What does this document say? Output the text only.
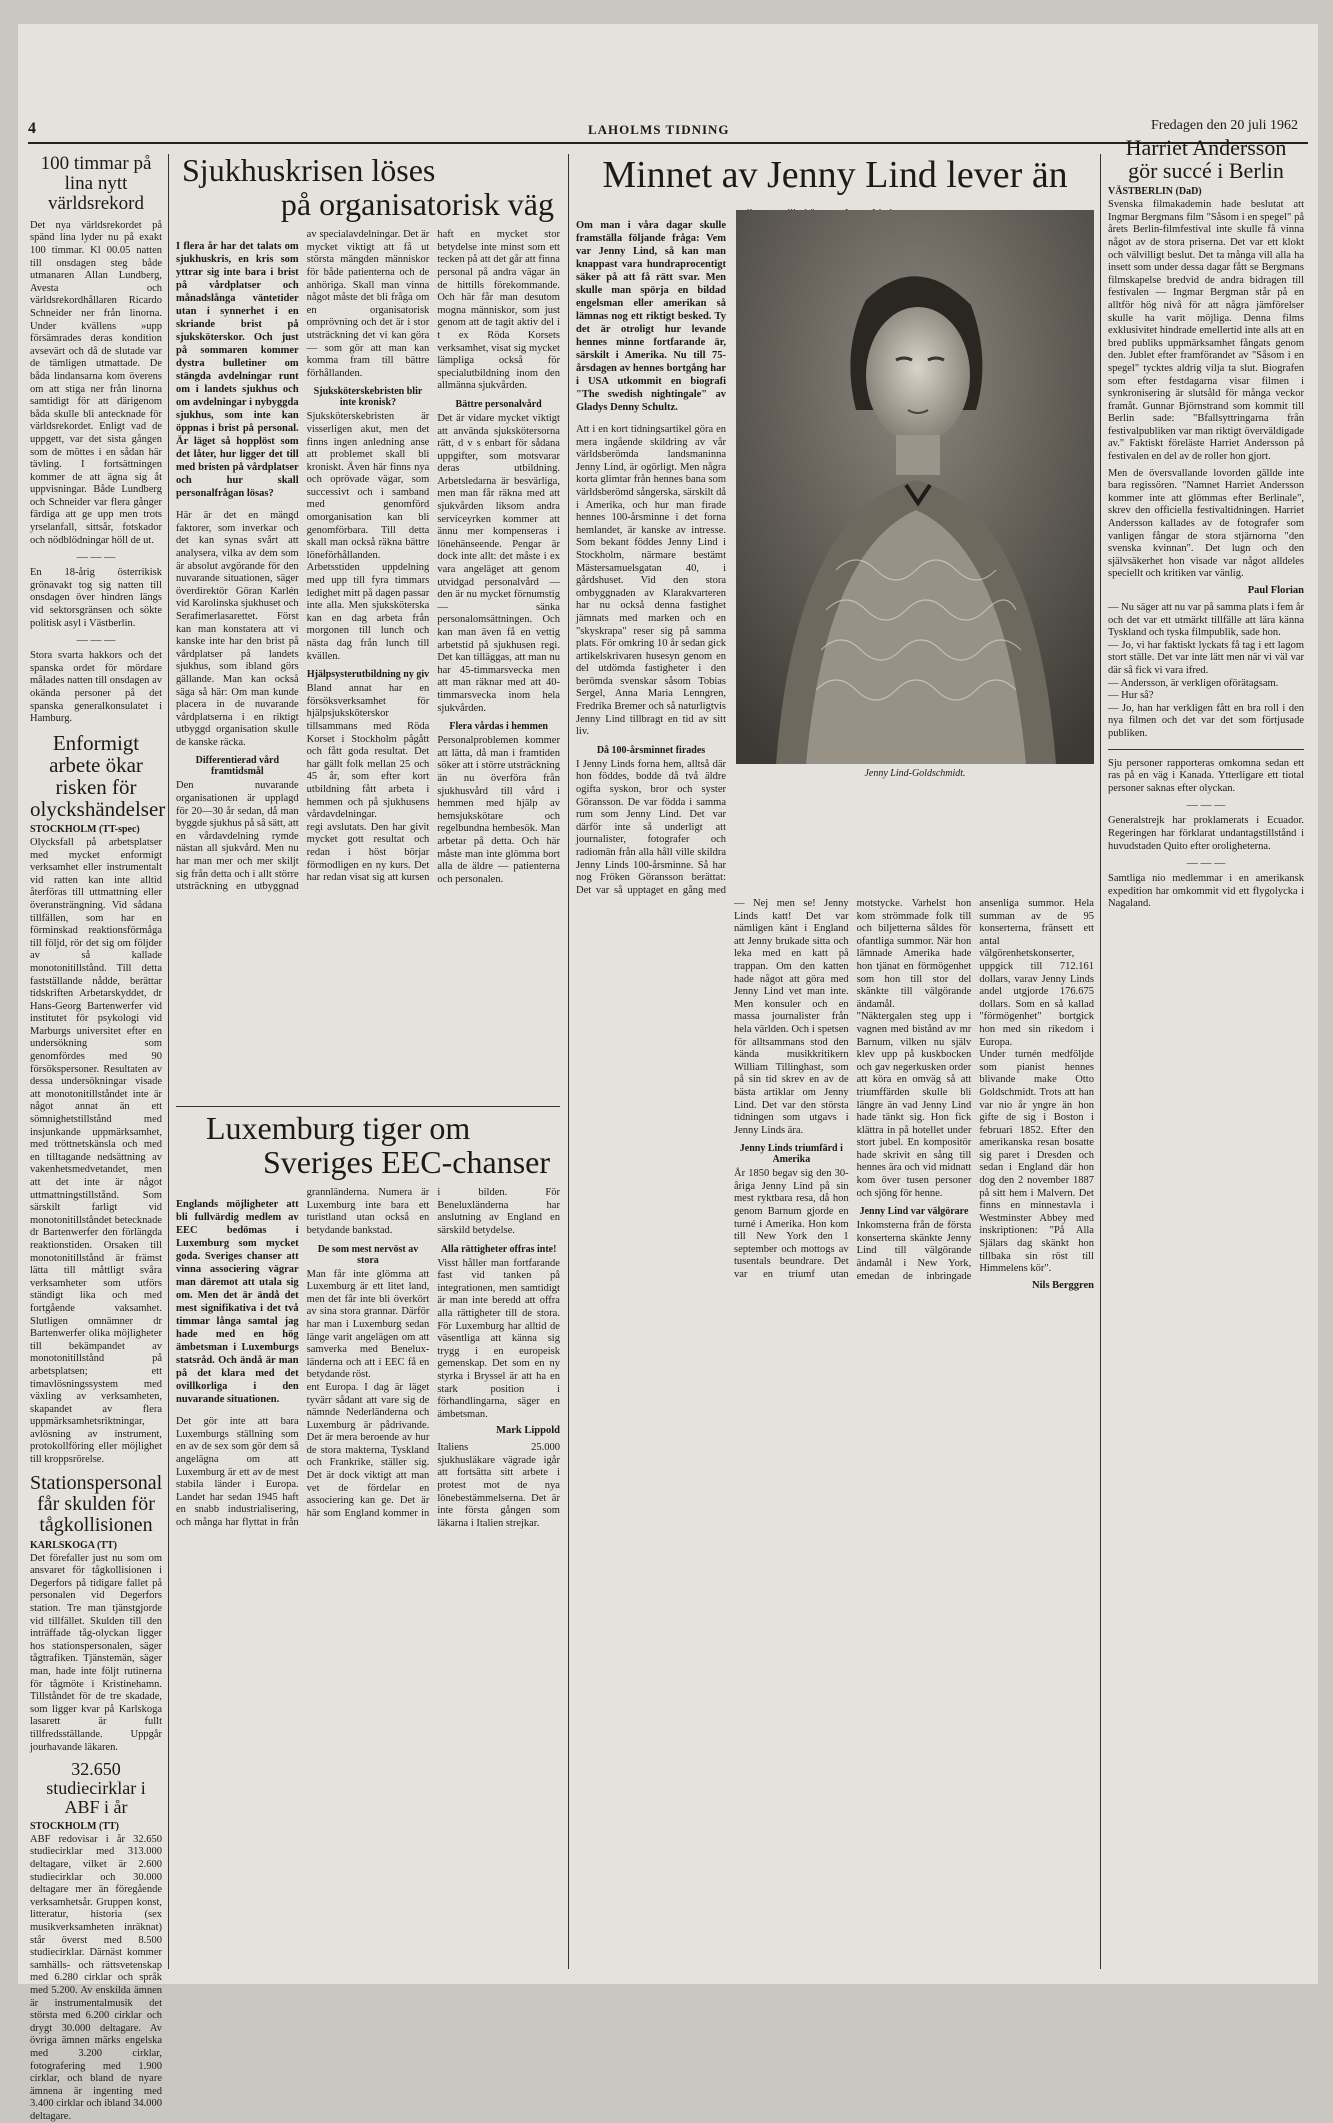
4	LAHOLMS TIDNING	Fredagen den 20 juli 1962
100 timmar på lina nytt världsrekord

Det nya världsrekordet på spänd lina lyder nu på exakt 100 timmar. Kl 00.05 natten till onsdagen steg både utmanaren Allan Lundberg, Avesta och världsrekordhållaren Ricardo Schneider ner från linorna. Under kvällens »upp försämrades deras kondition avsevärt och då de slutade var de tämligen utmattade. De båda lindansarna kom överens om att stiga ner från linorna samtidigt för att därigenom båda skulle bli antecknade för världsrekordet. Enligt vad de uppgett, var det sista gången som de möttes i en sådan här tävling. I fortsättningen kommer de att ägna sig åt uppvisningar. Både Lundberg och Schneider var flera gånger färdiga att ge upp men trots yrselanfall, sittsår, fotskador och nödblödningar höll de ut.

— — —

En 18-årig österrikisk grönavakt tog sig natten till onsdagen över hindren längs vid sektorsgränsen och sökte politisk asyl i Västberlin.

— — —

Stora svarta hakkors och det spanska ordet för mördare målades natten till onsdagen av okända personer på det spanska generalkonsulatet i Hamburg.

Enformigt arbete ökar risken för olyckshändelser
STOCKHOLM (TT-spec)

Olycksfall på arbetsplatser med mycket enformigt verksamhet eller instrumentalt vid ratten kan inte alltid återföras till uttmattning eller överansträngning. Vid sådana tillfällen, som har en förminskad reaktionsförmåga till följd, rör det sig om följder av så kallade monotonitillstånd. Till detta fastställande nådde, berättar tidskriften Arbetarskyddet, dr Hans-Georg Bartenwerfer vid institutet för psykologi vid Marburgs universitet efter en undersökning som genomfördes med 90 försökspersoner. Resultaten av dessa undersökningar visade att monotonitillståndet inte är något annat än ett sömnighetstillstånd med insjunkande uppmärksamhet, med tröttnetskänsla och med en tilltagande nedsättning av vakenhetsmedvetandet, men att det inte är något uttmattningstillstånd. Som särskilt farligt vid monotonitillståndet betecknade dr Bartenwerfer den förlängda reaktionstiden. Orsaken till monotonitillstånd är främst lätta till måttligt svåra verksamheter som utförs ständigt lika och med fortgående vaksamhet. Slutligen omnämner dr Bartenwerfer olika möjligheter till bekämpandet av monotonitillstånd på arbetsplatsen; ett timavlösningssystem med växling av verksamheten, skapandet av flera uppmärksamhetsriktningar, avlösning av instrument, protokollföring eller möjlighet till kroppsrörelse.

Stationspersonal får skulden för tågkollisionen
KARLSKOGA (TT)

Det förefaller just nu som om ansvaret för tågkollisionen i Degerfors på tidigare fallet på personalen vid Degerfors station. Tre man tjänstgjorde vid tillfället. Skulden till den inträffade tåg-olyckan ligger hos stationspersonalen, säger tågtrafiken. Tjänstemän, säger man, hade inte följt rutinerna för tågmöte i Kristinehamn. Tillståndet för de tre skadade, som ligger kvar på Karlskoga lasarett är fullt tillfredsställande. Uppgår jourhavande läkaren.

32.650 studiecirklar i ABF i år
STOCKHOLM (TT)

ABF redovisar i år 32.650 studiecirklar med 313.000 deltagare, vilket är 2.600 studiecirklar och 30.000 deltagare mer än föregående verksamhetsår. Gruppen konst, litteratur, historia (sex musikverksamheten inräknat) står överst med 8.500 studiecirklar. Därnäst kommer samhälls- och rättsvetenskap med 6.280 cirklar och språk med 5.200. Av enskilda ämnen är instrumentalmusik det största med 6.200 cirklar och drygt 30.000 deltagare. Av övriga ämnen märks engelska med 3.200 cirklar, fotografering med 1.900 cirklar, och bland de nyare ämnena är ingenting med 3.400 cirklar och ibland 34.000 deltagare.

Sjukhuskrisen löses
på organisatorisk väg

I flera år har det talats om sjukhuskris, en kris som yttrar sig inte bara i brist på vårdplatser och månadslånga väntetider utan i synnerhet i en skriande brist på sjuksköterskor. Och just på sommaren kommer dystra bulletiner om stängda avdelningar runt om i landets sjukhus och om avdelningar i nybyggda sjukhus, som inte kan öppnas i brist på personal. Är läget så hopplöst som det låter, hur ligger det till med bristen på vårdplatser och hur skall personalfrågan lösas?

Här är det en mängd faktorer, som inverkar och det kan synas svårt att analysera, vilka av dem som är absolut avgörande för den nuvarande situationen, säger överdirektör Göran Karlén vid Karolinska sjukhuset och Serafimerlasarettet. Först kan man konstatera att vi kanske inte har den brist på vårdplatser på landets sjukhus, som ibland görs gällande. Man kan också säga så här: Om man kunde placera in de nuvarande vårdplatserna i en riktigt utbyggd organisation skulle de kanske räcka.

Differentierad vård framtidsmål

Den nuvarande organisationen är upplagd för 20—30 år sedan, då man byggde sjukhus på så sätt, att en vårdavdelning rymde nästan all sjukvård. Men nu har man mer och mer skiljt sig från detta och i allt större utsträckning en utbyggnad av specialavdelningar. Det är mycket viktigt att få ut största mängden människor för både patienterna och de anhöriga. Skall man vinna något måste det bli fråga om en organisatorisk omprövning och det är i stor utsträckning det vi kan göra — som gör att man kan komma fram till bättre förhållanden.

Sjuksköterskebristen blir inte kronisk?

Sjuksköterskebristen är visserligen akut, men det finns ingen anledning anse att problemet skall bli kroniskt. Även här finns nya och oprövade vägar, som successivt och i samband med genomförd omorganisation kan bli genomförbara. Till detta skall man också räkna bättre löneförhållanden. Arbetsstiden uppdelning med upp till fyra timmars ledighet mitt på dagen passar inte alla. Men sjuksköterska kan en dag arbeta från morgonen till lunch och nästa dag från lunch till kvällen.

Hjälpsysterutbildning ny giv

Bland annat har en försöksverksamhet för hjälpsjuksköterskor tillsammans med Röda Korset i Stockholm pågått och fått goda resultat. Det har gällt folk mellan 25 och 45 år, som efter kort utbildning fått arbeta i hemmen och på sjukhusens vårdavdelningar.

regi avslutats. Den har givit mycket gott resultat och redan i höst börjar förmodligen en ny kurs. Det har redan visat sig att kursen haft en mycket stor betydelse inte minst som ett tecken på att det går att finna personal på andra vägar än de hittills förekommande. Och här får man desutom mogna människor, som just genom att de tagit aktiv del i t ex Röda Korsets verksamhet, visat sig mycket lämpliga också för specialutbildning inom den allmänna sjukvården.

Bättre personalvård

Det är vidare mycket viktigt att använda sjukskötersorna rätt, d v s enbart för sådana uppgifter, som motsvarar deras utbildning. Arbetsledarna är besvärliga, men man får räkna med att sjukvården liksom andra serviceyrken kommer att ännu mer kompenseras i lönehänseende. Pengar är dock inte allt: det måste i ex vara angeläget att genom utvidgad personalvård — den är nu mycket förnumstig — sänka personalomsättningen. Och kan man även få en vettig arbetstid på sjukhusen regi. Det kan tilläggas, att man nu har 45-timmarsvecka men att man räknar med att 40-timmarsvecka inom hela sjukvården.

Flera vårdas i hemmen

Personalproblemen kommer att lätta, då man i framtiden söker att i större utsträckning än nu överföra från sjukhusvård till vård i hemmen med hjälp av hemsjukskötare och regelbundna hembesök. Man arbetar på detta. Och här måste man inte glömma bort alla de äldre — patienterna och personalen.

Luxemburg tiger om
Sveriges EEC-chanser

Englands möjligheter att bli fullvärdig medlem av EEC bedömas i Luxemburg som mycket goda. Sveriges chanser att vinna associering vägrar man däremot att utala sig om. Men det är ändå det mest signifikativa i det två timmar långa samtal jag hade med en hög ämbetsman i Luxemburgs statsråd. Och ändå är man på det klara med det ovillkorliga i den nuvarande situationen.

Det gör inte att bara Luxemburgs ställning som en av de sex som gör dem så angelägna om att Luxemburg är ett av de mest stabila länder i Europa. Landet har sedan 1945 haft en snabb industrialisering, och många har flyttat in från grannländerna. Numera är Luxemburg inte bara ett turistland utan också en betydande bankstad.

De som mest nervöst av stora

Man får inte glömma att Luxemburg är ett litet land, men det får inte bli överkört av sina stora grannar. Därför har man i Luxemburg sedan länge varit angelägen om att samverka med Benelux-länderna och att i EEC få en betydande röst.

ent Europa. I dag är läget tyvärr sådant att vare sig de nämnde Nederländerna och Luxemburg är pådrivande. Det är mera beroende av hur de stora makterna, Tyskland och Frankrike, ställer sig. Det är dock viktigt att man vet de fördelar en associering kan ge. Det är här som England kommer in i bilden. För Beneluxländerna har anslutning av England en särskild betydelse.

Alla rättigheter offras inte!

Visst håller man fortfarande fast vid tanken på integrationen, men samtidigt är man inte beredd att offra alla rättigheter till de stora. För Luxemburg har alltid de väsentliga att känna sig trygg i en europeisk gemenskap. Det som en ny styrka i Bryssel är att ha en stark position i förhandlingarna, säger en ämbetsman.

Mark Lippold

Italiens 25.000 sjukhusläkare vägrade igår att fortsätta sitt arbete i protest mot de nya lönebestämmelserna. Det är inte första gången som läkarna i Italien strejkar.

Minnet av Jenny Lind lever än

Om man i våra dagar skulle framställa följande fråga: Vem var Jenny Lind, så kan man knappast vara hundraprocentigt säker på att få rätt svar. Men skulle man spörja en bildad engelsman eller amerikan så lämnas nog ett riktigt besked. Ty det är otroligt hur levande hennes minne fortfarande är, särskilt i Amerika. Nu till 75-årsdagen av hennes bortgång har i USA utkommit en biografi "The swedish nightingale" av Gladys Denny Schultz.

Att i en kort tidningsartikel göra en mera ingående skildring av vår världsberömda landsmaninna Jenny Lind, är ogörligt. Men några korta glimtar från hennes bana som världsberömd sångerska, särskilt då i Amerika, och hur man firade hennes 100-årsminne i det forna hemlandet, är kanske av intresse. Som bekant föddes Jenny Lind i Stockholm, närmare bestämt Mästersamuelsgatan 40, i gårdshuset. Vid den stora ombyggnaden av Klarakvarteren har nu också denna fastighet jämnats med marken och en "skyskrapa" reser sig på samma plats. För omkring 10 år sedan gick artikelskrivaren husesyn genom en del utdömda fastigheter i den berömda svenskar såsom Tobias Sergel, Anna Maria Lenngren, Fredrika Bremer och så naturligtvis Jenny Lind tillbragt en tid av sitt liv.

Då 100-årsminnet firades

I Jenny Linds forna hem, alltså där hon föddes, bodde då två äldre ogifta syskon, bror och syster Göransson. De var födda i samma rum som Jenny Lind. Det var därför inte så underligt att journalister, fotografer och radiomän från alla håll ville skildra Jenny Linds 100-årsminne. Så har nog Fröken Göransson berättat: Det var så upptaget en gång med

— Nej men se! Jenny Linds katt! Det var nämligen känt i England att Jenny brukade sitta och leka med en katt på trappan. Om den katten hade något att göra med Jenny Lind vet man inte. Men konsuler och en massa journalister från hela världen. Och i spetsen för alltsammans stod den kända musikkritikern William Tillinghast, som på sin tid skrev en av de bästa artiklar om Jenny Lind. Det var den största tidningen som utgavs i Jenny Linds ära.

Jenny Linds triumfärd i Amerika

År 1850 begav sig den 30-åriga Jenny Lind på sin mest ryktbara resa, då hon genom Barnum gjorde en turné i Amerika. Hon kom till New York den 1 september och mottogs av tusentals beundrare. Det var en triumf utan motstycke. Varhelst hon kom strömmade folk till och biljetterna såldes för ofantliga summor. När hon lämnade Amerika hade hon tjänat en förmögenhet som hon till stor del skänkte till välgörande ändamål.

"Näktergalen steg upp i vagnen med bistånd av mr Barnum, vilken nu själv klev upp på kuskbocken och gav negerkusken order att köra en omväg så att triumffärden skulle bli längre än vad Jenny Lind hade tänkt sig. Hon fick klättra in på hotellet under stort jubel. En kompositör hade skrivit en sång till hennes ära och vid midnatt kom över tusen personer och sjöng för henne.

Jenny Lind var välgörare

Inkomsterna från de första konserterna skänkte Jenny Lind till välgörande ändamål i New York, emedan de inbringade ansenliga summor. Hela summan av de 95 konserterna, fränsett ett antal välgörenhetskonserter, uppgick till 712.161 dollars, varav Jenny Linds andel utgjorde 176.675 dollars. Som en så kallad "förmögenhet" bortgick hon med sin rikedom i Europa.

Under turnén medföljde som pianist hennes blivande make Otto Goldschmidt. Trots att han var nio år yngre än hon gifte de sig i Boston i februari 1852. Efter den amerikanska resan bosatte sig paret i Dresden och sedan i England där hon dog den 2 november 1887 på sitt hem i Malvern. Det finns en minnestavla i Westminster Abbey med inskriptionen: "På Alla Själars dag skänkt hon tillbaka sin röst till Himmelens kör".

Nils Berggren

Jenny Lind-Goldschmidt.
Harriet Andersson
gör succé i Berlin
VÄSTBERLIN (DaD)

Svenska filmakademin hade beslutat att Ingmar Bergmans film "Såsom i en spegel" på årets Berlin-filmfestival inte skulle få vinna något av de stora priserna. Det var ett klokt och välvilligt beslut. Det ta många vill alla ha insett som under dessa dagar fått se Bergmans filmskapelse bredvid de andra bidragen till festivalen — Ingmar Bergman står på en alltför hög nivå för att några jämförelser skulle ha varit möjliga. Denna films exklusivitet hindrade emellertid inte alls att en bred publiks uppmärksamhet fångats genom den. Jublet efter framförandet av "Såsom i en spegel" tycktes aldrig vilja ta slut. Biografen som efter festdagarna visar filmen i synkronisering är slutsåld för många veckor framåt. Gunnar Björnstrand som kommit till Berlin sade: "Bfallsyttringarna från festivalpubliken var man riktigt överväldigade av." Faktiskt föreläste Harriet Andersson på festivalen en del av de roller hon gjort.

Men de översvallande lovorden gällde inte bara regissören. "Namnet Harriet Andersson kommer inte att glömmas efter Berlinale", skrev den officiella festivaltidningen. Harriet Andersson kallades av de fotografer som vanligen fångar de stora stjärnorna "den svenska kvinnan". Det lugn och den självsäkerhet hon visade var något alldeles speciellt och kritiken var vänlig.

Paul Florian

— Nu säger att nu var på samma plats i fem år och det var ett utmärkt tillfälle att lära känna Tyskland och tyska filmpublik, sade hon.

— Jo, vi har faktiskt lyckats få tag i ett lagom stort ställe. Det var inte lätt men när vi väl var där så fick vi vara ifred.

— Andersson, är verkligen oförätagsam.

— Hur så?

— Jo, han har verkligen fått en bra roll i den nya filmen och det var det som förtjusade publiken.

Sju personer rapporteras omkomna sedan ett ras på en väg i Kanada. Ytterligare ett tiotal personer saknas efter olyckan.

— — —

Generalstrejk har proklamerats i Ecuador. Regeringen har förklarat undantagstillstånd i huvudstaden Quito efter oroligheterna.

— — —

Samtliga nio medlemmar i en amerikansk expedition har omkommit vid ett flygolycka i Nagaland.
